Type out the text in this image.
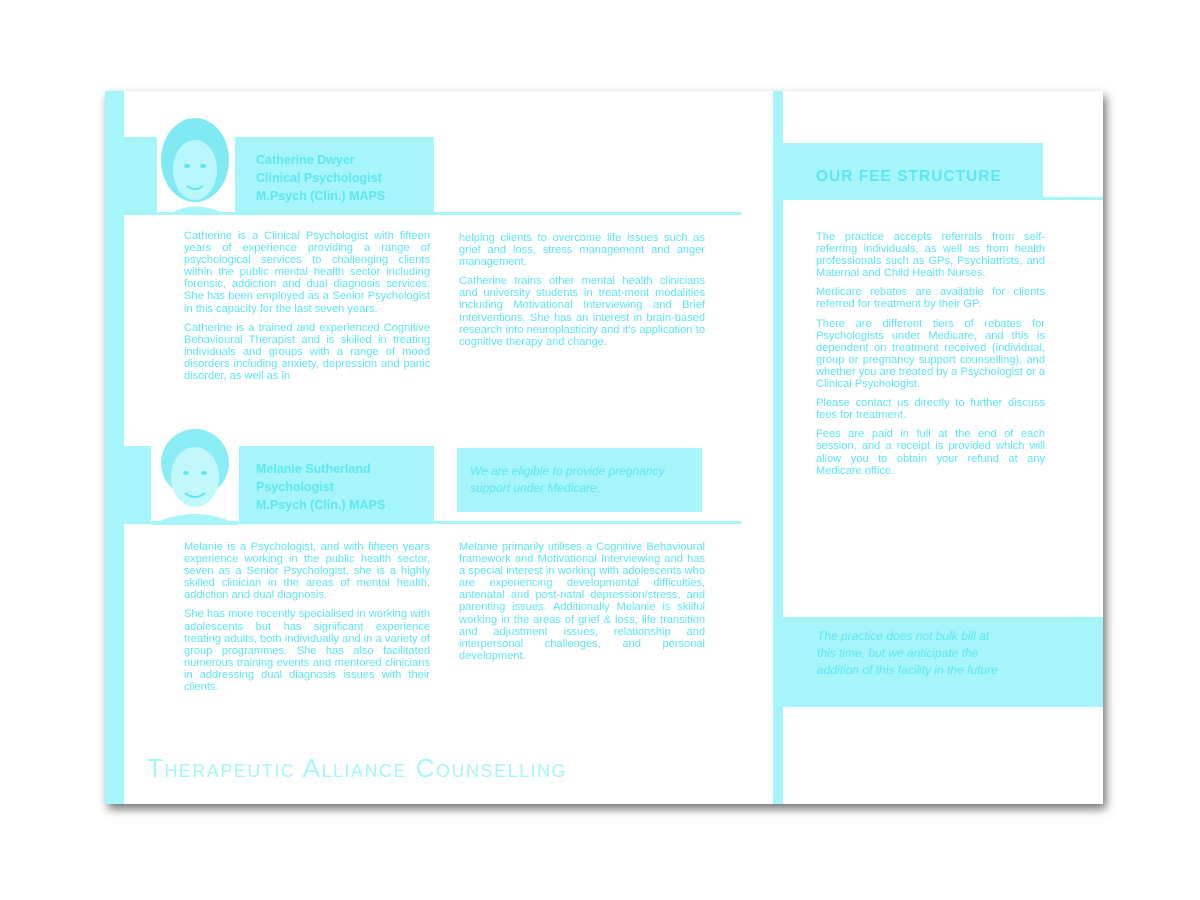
Catherine Dwyer
Clinical Psychologist
M.Psych (Clin.) MAPS

Catherine is a Clinical Psychologist with fifteen years of experience providing a range of psychological services to challenging clients within the public mental health sector including forensic, addiction and dual diagnosis services. She has been employed as a Senior Psychologist in this capacity for the last seven years.

Catherine is a trained and experienced Cognitive Behavioural Therapist and is skilled in treating individuals and groups with a range of mood disorders including anxiety, depression and panic disorder, as well as in

helping clients to overcome life issues such as grief and loss, stress management and anger management.

Catherine trains other mental health clinicians and university students in treat-ment modalities including Motivational Interviewing and Brief Interventions. She has an interest in brain-based research into neuroplasticity and it’s application to cognitive therapy and change.

Melanie Sutherland
Psychologist
M.Psych (Clin.) MAPS
We are eligible to provide pregnancy support under Medicare.

Melanie is a Psychologist, and with fifteen years experience working in the public health sector, seven as a Senior Psychologist, she is a highly skilled clinician in the areas of mental health, addiction and dual diagnosis.

She has more recently specialised in working with adolescents but has significant experience treating adults, both individually and in a variety of group programmes. She has also facilitated numerous training events and mentored clinicians in addressing dual diagnosis issues with their clients.

Melanie primarily utilises a Cognitive Behavioural framework and Motivational Interviewing and has a special interest in working with adolescents who are experiencing developmental difficulties, antenatal and post-natal depression/stress, and parenting issues. Additionally Melanie is skilful working in the areas of grief & loss, life transition and adjustment issues, relationship and interpersonal challenges, and personal development.

Therapeutic Alliance Counselling
OUR FEE STRUCTURE

The practice accepts referrals from self-referring individuals, as well as from health professionals such as GPs, Psychiatrists, and Maternal and Child Health Nurses.

Medicare rebates are available for clients referred for treatment by their GP.

There are different tiers of rebates for Psychologists under Medicare, and this is dependent on treatment received (individual, group or pregnancy support counselling), and whether you are treated by a Psychologist or a Clinical Psychologist.

Please contact us directly to further discuss fees for treatment.

Fees are paid in full at the end of each session, and a receipt is provided which will allow you to obtain your refund at any Medicare office.

The practice does not bulk bill at this time, but we anticipate the addition of this facility in the future
